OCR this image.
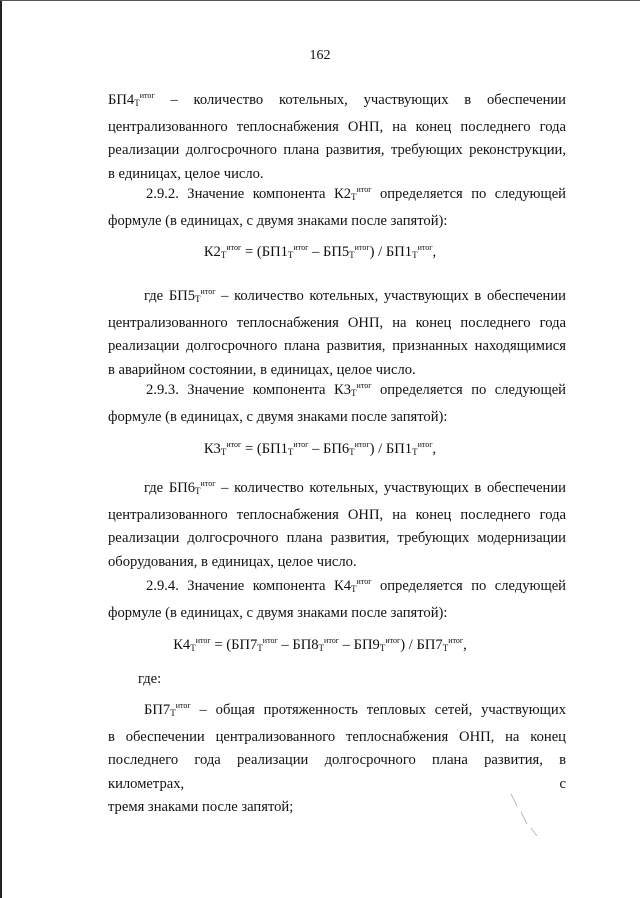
162
$БП4_Т^{итог}$ – количество котельных, участвующих в обеспечении
централизованного теплоснабжения ОНП, на конец последнего года
реализации долгосрочного плана развития, требующих реконструкции,
в единицах, целое число.
2.9.2. Значение компонента $К2_Т^{итог}$ определяется по следующей
формуле (в единицах, с двумя знаками после запятой):
$К2_Т^{итог} = (БП1_Т^{итог} - БП5_Т^{итог}) / БП1_Т^{итог}$,
где $БП5_Т^{итог}$ – количество котельных, участвующих в обеспечении
централизованного теплоснабжения ОНП, на конец последнего года
реализации долгосрочного плана развития, признанных находящимися
в аварийном состоянии, в единицах, целое число.
2.9.3. Значение компонента $К3_Т^{итог}$ определяется по следующей
формуле (в единицах, с двумя знаками после запятой):
$К3_Т^{итог} = (БП1_Т^{итог} - БП6_Т^{итог}) / БП1_Т^{итог}$,
где $БП6_Т^{итог}$ – количество котельных, участвующих в обеспечении
централизованного теплоснабжения ОНП, на конец последнего года
реализации долгосрочного плана развития, требующих модернизации
оборудования, в единицах, целое число.
2.9.4. Значение компонента $К4_Т^{итог}$ определяется по следующей
формуле (в единицах, с двумя знаками после запятой):
$К4_Т^{итог} = (БП7_Т^{итог} - БП8_Т^{итог} - БП9_Т^{итог}) / БП7_Т^{итог}$,
где:
$БП7_Т^{итог}$ – общая протяженность тепловых сетей, участвующих
в обеспечении централизованного теплоснабжения ОНП, на конец
последнего года реализации долгосрочного плана развития, в километрах, с
тремя знаками после запятой;
